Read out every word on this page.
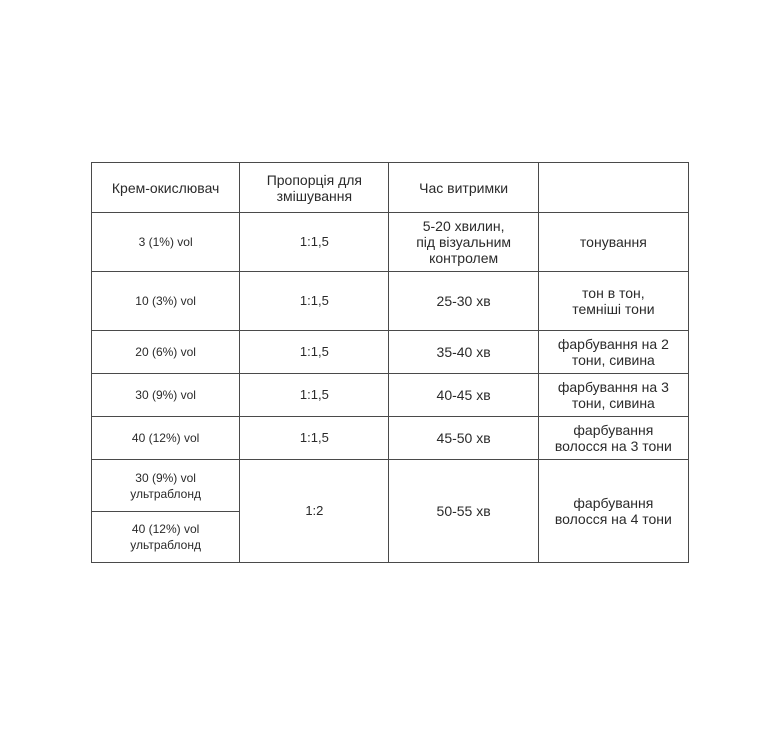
Крем-окислювач	Пропорція для
змішування	Час витримки	
3 (1%) vol	1:1,5	5-20 хвилин,
під візуальним
контролем	тонування
10 (3%) vol	1:1,5	25-30 хв	тон в тон,
темніші тони
20 (6%) vol	1:1,5	35-40 хв	фарбування на 2
тони, сивина
30 (9%) vol	1:1,5	40-45 хв	фарбування на 3
тони, сивина
40 (12%) vol	1:1,5	45-50 хв	фарбування
волосся на 3 тони
30 (9%) vol
ультраблонд	1:2	50-55 хв	фарбування
волосся на 4 тони
40 (12%) vol
ультраблонд			
